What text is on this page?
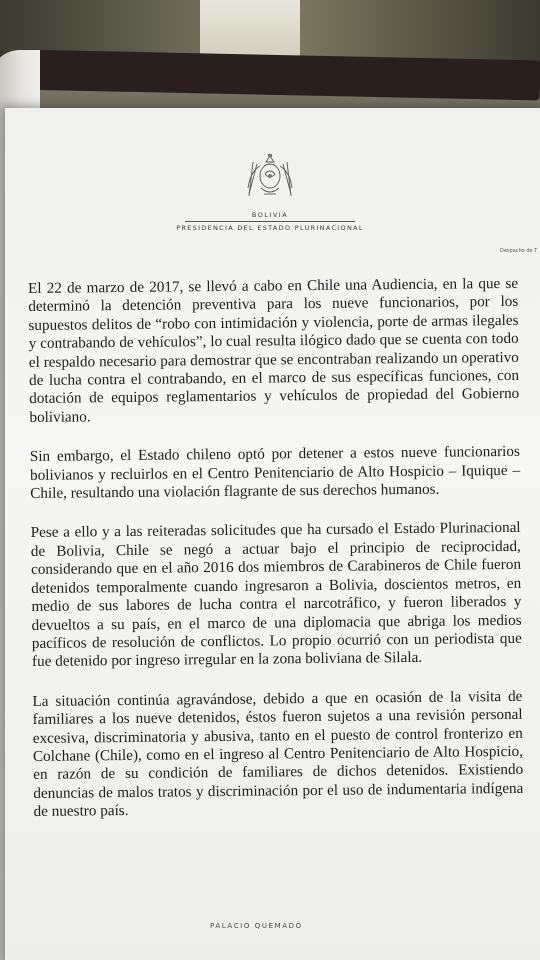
BOLIVIA
PRESIDENCIA DEL ESTADO PLURINACIONAL
Despacho de T

El 22 de marzo de 2017, se llevó a cabo en Chile una Audiencia, en la que se determinó la detención preventiva para los nueve funcionarios, por los supuestos delitos de “robo con intimidación y violencia, porte de armas ilegales y contrabando de vehículos”, lo cual resulta ilógico dado que se cuenta con todo el respaldo necesario para demostrar que se encontraban realizando un operativo de lucha contra el contrabando, en el marco de sus específicas funciones, con dotación de equipos reglamentarios y vehículos de propiedad del Gobierno boliviano.

Sin embargo, el Estado chileno optó por detener a estos nueve funcionarios bolivianos y recluirlos en el Centro Penitenciario de Alto Hospicio – Iquique – Chile, resultando una violación flagrante de sus derechos humanos.

Pese a ello y a las reiteradas solicitudes que ha cursado el Estado Plurinacional de Bolivia, Chile se negó a actuar bajo el principio de reciprocidad, considerando que en el año 2016 dos miembros de Carabineros de Chile fueron detenidos temporalmente cuando ingresaron a Bolivia, doscientos metros, en medio de sus labores de lucha contra el narcotráfico, y fueron liberados y devueltos a su país, en el marco de una diplomacia que abriga los medios pacíficos de resolución de conflictos. Lo propio ocurrió con un periodista que fue detenido por ingreso irregular en la zona boliviana de Silala.

La situación continúa agravándose, debido a que en ocasión de la visita de familiares a los nueve detenidos, éstos fueron sujetos a una revisión personal excesiva, discriminatoria y abusiva, tanto en el puesto de control fronterizo en Colchane (Chile), como en el ingreso al Centro Penitenciario de Alto Hospicio, en razón de su condición de familiares de dichos detenidos. Existiendo denuncias de malos tratos y discriminación por el uso de indumentaria indígena de nuestro país.

PALACIO QUEMADO
